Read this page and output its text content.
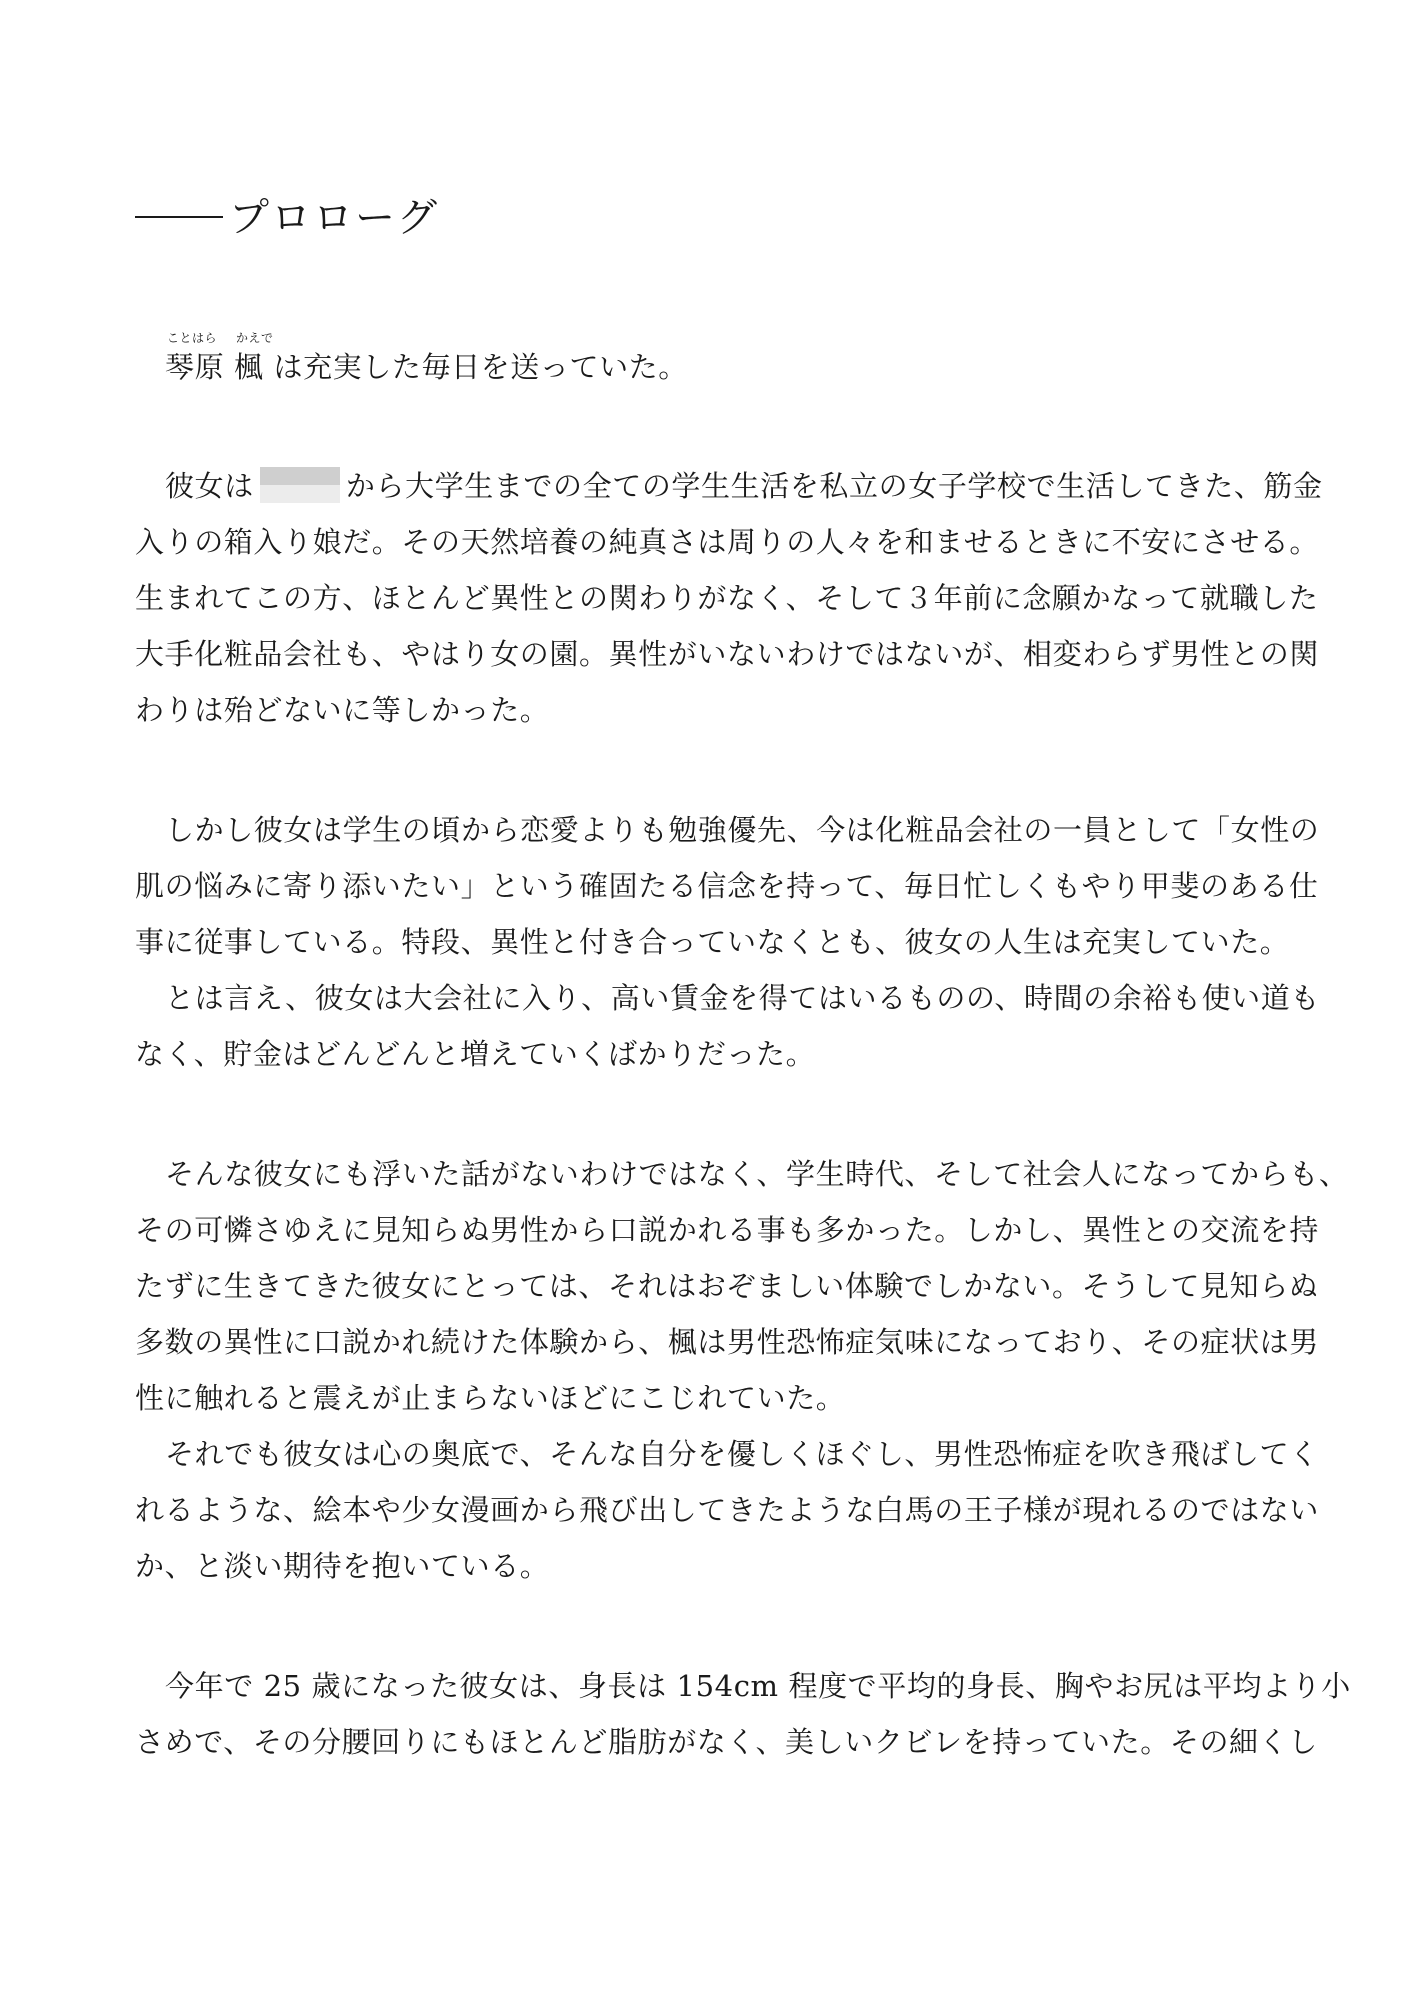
プロローグ
ことはら
琴原
かえで
楓 は充実した毎日を送っていた。
彼女は	から大学生までの全ての学生生活を私立の女子学校で生活してきた、筋金
入りの箱入り娘だ。その天然培養の純真さは周りの人々を和ませるときに不安にさせる。
生まれてこの方、ほとんど異性との関わりがなく、そして３年前に念願かなって就職した
大手化粧品会社も、やはり女の園。異性がいないわけではないが、相変わらず男性との関
わりは殆どないに等しかった。
しかし彼女は学生の頃から恋愛よりも勉強優先、今は化粧品会社の一員として「女性の
肌の悩みに寄り添いたい」という確固たる信念を持って、毎日忙しくもやり甲斐のある仕
事に従事している。特段、異性と付き合っていなくとも、彼女の人生は充実していた。
とは言え、彼女は大会社に入り、高い賃金を得てはいるものの、時間の余裕も使い道も
なく、貯金はどんどんと増えていくばかりだった。
そんな彼女にも浮いた話がないわけではなく、学生時代、そして社会人になってからも、
その可憐さゆえに見知らぬ男性から口説かれる事も多かった。しかし、異性との交流を持
たずに生きてきた彼女にとっては、それはおぞましい体験でしかない。そうして見知らぬ
多数の異性に口説かれ続けた体験から、楓は男性恐怖症気味になっており、その症状は男
性に触れると震えが止まらないほどにこじれていた。
それでも彼女は心の奥底で、そんな自分を優しくほぐし、男性恐怖症を吹き飛ばしてく
れるような、絵本や少女漫画から飛び出してきたような白馬の王子様が現れるのではない
か、と淡い期待を抱いている。
今年で 25 歳になった彼女は、身長は 154cm 程度で平均的身長、胸やお尻は平均より小
さめで、その分腰回りにもほとんど脂肪がなく、美しいクビレを持っていた。その細くし
